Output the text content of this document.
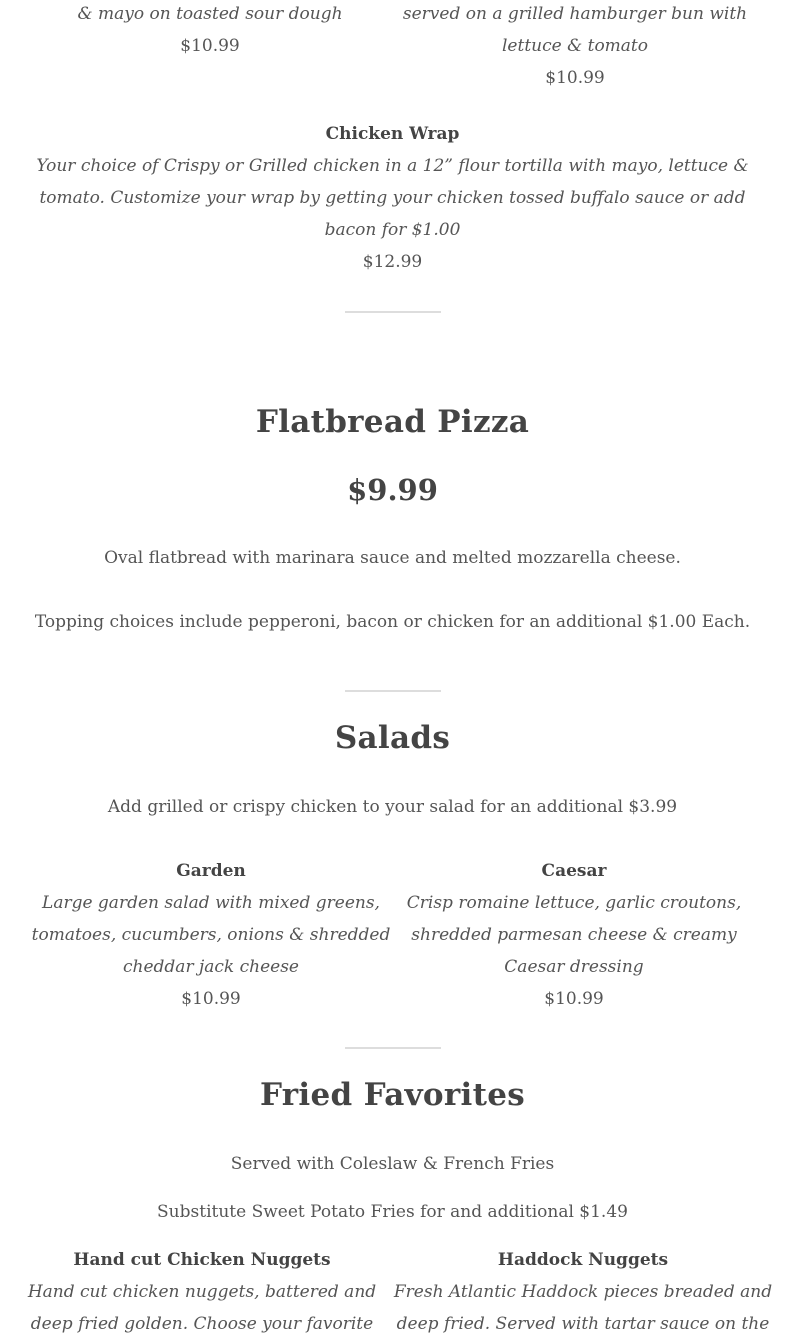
& mayo on toasted sour dough

$10.99

served on a grilled hamburger bun with

lettuce & tomato

$10.99

Chicken Wrap

Your choice of Crispy or Grilled chicken in a 12” flour tortilla with mayo, lettuce &

tomato. Customize your wrap by getting your chicken tossed buffalo sauce or add

bacon for $1.00

$12.99

Flatbread Pizza

$9.99

Oval flatbread with marinara sauce and melted mozzarella cheese.

Topping choices include pepperoni, bacon or chicken for an additional $1.00 Each.

Salads

Add grilled or crispy chicken to your salad for an additional $3.99

Garden

Large garden salad with mixed greens,

tomatoes, cucumbers, onions & shredded

cheddar jack cheese

$10.99

Caesar

Crisp romaine lettuce, garlic croutons,

shredded parmesan cheese & creamy

Caesar dressing

$10.99

Fried Favorites

Served with Coleslaw & French Fries

Substitute Sweet Potato Fries for and additional $1.49

Hand cut Chicken Nuggets

Hand cut chicken nuggets, battered and

deep fried golden. Choose your favorite

Haddock Nuggets

Fresh Atlantic Haddock pieces breaded and

deep fried. Served with tartar sauce on the
